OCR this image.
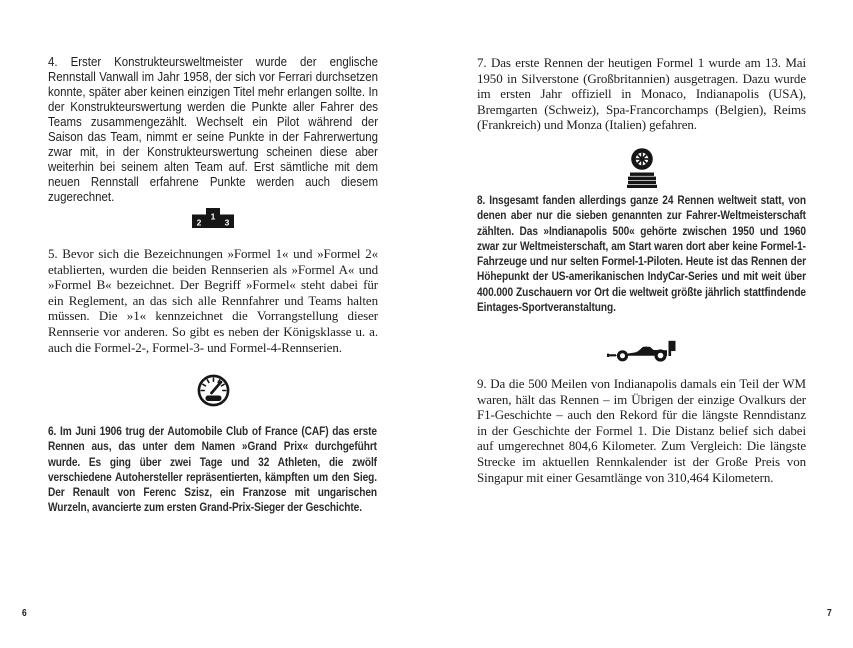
4. Erster Konstrukteursweltmeister wurde der englische Rennstall Vanwall im Jahr 1958, der sich vor Ferrari durchsetzen konnte, später aber keinen einzigen Titel mehr erlangen sollte. In der Konstrukteurswertung werden die Punkte aller Fahrer des Teams zusammengezählt. Wechselt ein Pilot während der Saison das Team, nimmt er seine Punkte in der Fahrerwertung zwar mit, in der Konstrukteurswertung scheinen diese aber weiterhin bei seinem alten Team auf. Erst sämtliche mit dem neuen Rennstall erfahrene Punkte werden auch diesem zugerechnet.

2
1
3

5. Bevor sich die Bezeichnungen »Formel 1« und »Formel 2« etablierten, wurden die beiden Rennserien als »Formel A« und »Formel B« bezeichnet. Der Begriff »Formel« steht dabei für ein Reglement, an das sich alle Rennfahrer und Teams halten müssen. Die »1« kennzeichnet die Vorrangstellung dieser Rennserie vor anderen. So gibt es neben der Königsklasse u. a. auch die Formel-2-, Formel-3- und Formel-4-Rennserien.

6. Im Juni 1906 trug der Automobile Club of France (CAF) das erste Rennen aus, das unter dem Namen »Grand Prix« durchgeführt wurde. Es ging über zwei Tage und 32 Athleten, die zwölf verschiedene Autohersteller repräsentierten, kämpften um den Sieg. Der Renault von Ferenc Szisz, ein Franzose mit ungarischen Wurzeln, avancierte zum ersten Grand-Prix-Sieger der Geschichte.

6

7. Das erste Rennen der heutigen Formel 1 wurde am 13. Mai 1950 in Silverstone (Großbritannien) ausgetragen. Dazu wurde im ersten Jahr offiziell in Monaco, Indianapolis (USA), Bremgarten (Schweiz), Spa-Francorchamps (Belgien), Reims (Frankreich) und Monza (Italien) gefahren.

8. Insgesamt fanden allerdings ganze 24 Rennen weltweit statt, von denen aber nur die sieben genannten zur Fahrer-Weltmeisterschaft zählten. Das »Indianapolis 500« gehörte zwischen 1950 und 1960 zwar zur Weltmeisterschaft, am Start waren dort aber keine Formel-1-Fahrzeuge und nur selten Formel-1-Piloten. Heute ist das Rennen der Höhepunkt der US-amerikanischen IndyCar-Series und mit weit über 400.000 Zuschauern vor Ort die weltweit größte jährlich stattfindende Eintages-Sportveranstaltung.

9. Da die 500 Meilen von Indianapolis damals ein Teil der WM waren, hält das Rennen – im Übrigen der einzige Ovalkurs der F1-Geschichte – auch den Rekord für die längste Renndistanz in der Geschichte der Formel 1. Die Distanz belief sich dabei auf umgerechnet 804,6 Kilometer. Zum Vergleich: Die längste Strecke im aktuellen Rennkalender ist der Große Preis von Singapur mit einer Gesamtlänge von 310,464 Kilometern.

7
